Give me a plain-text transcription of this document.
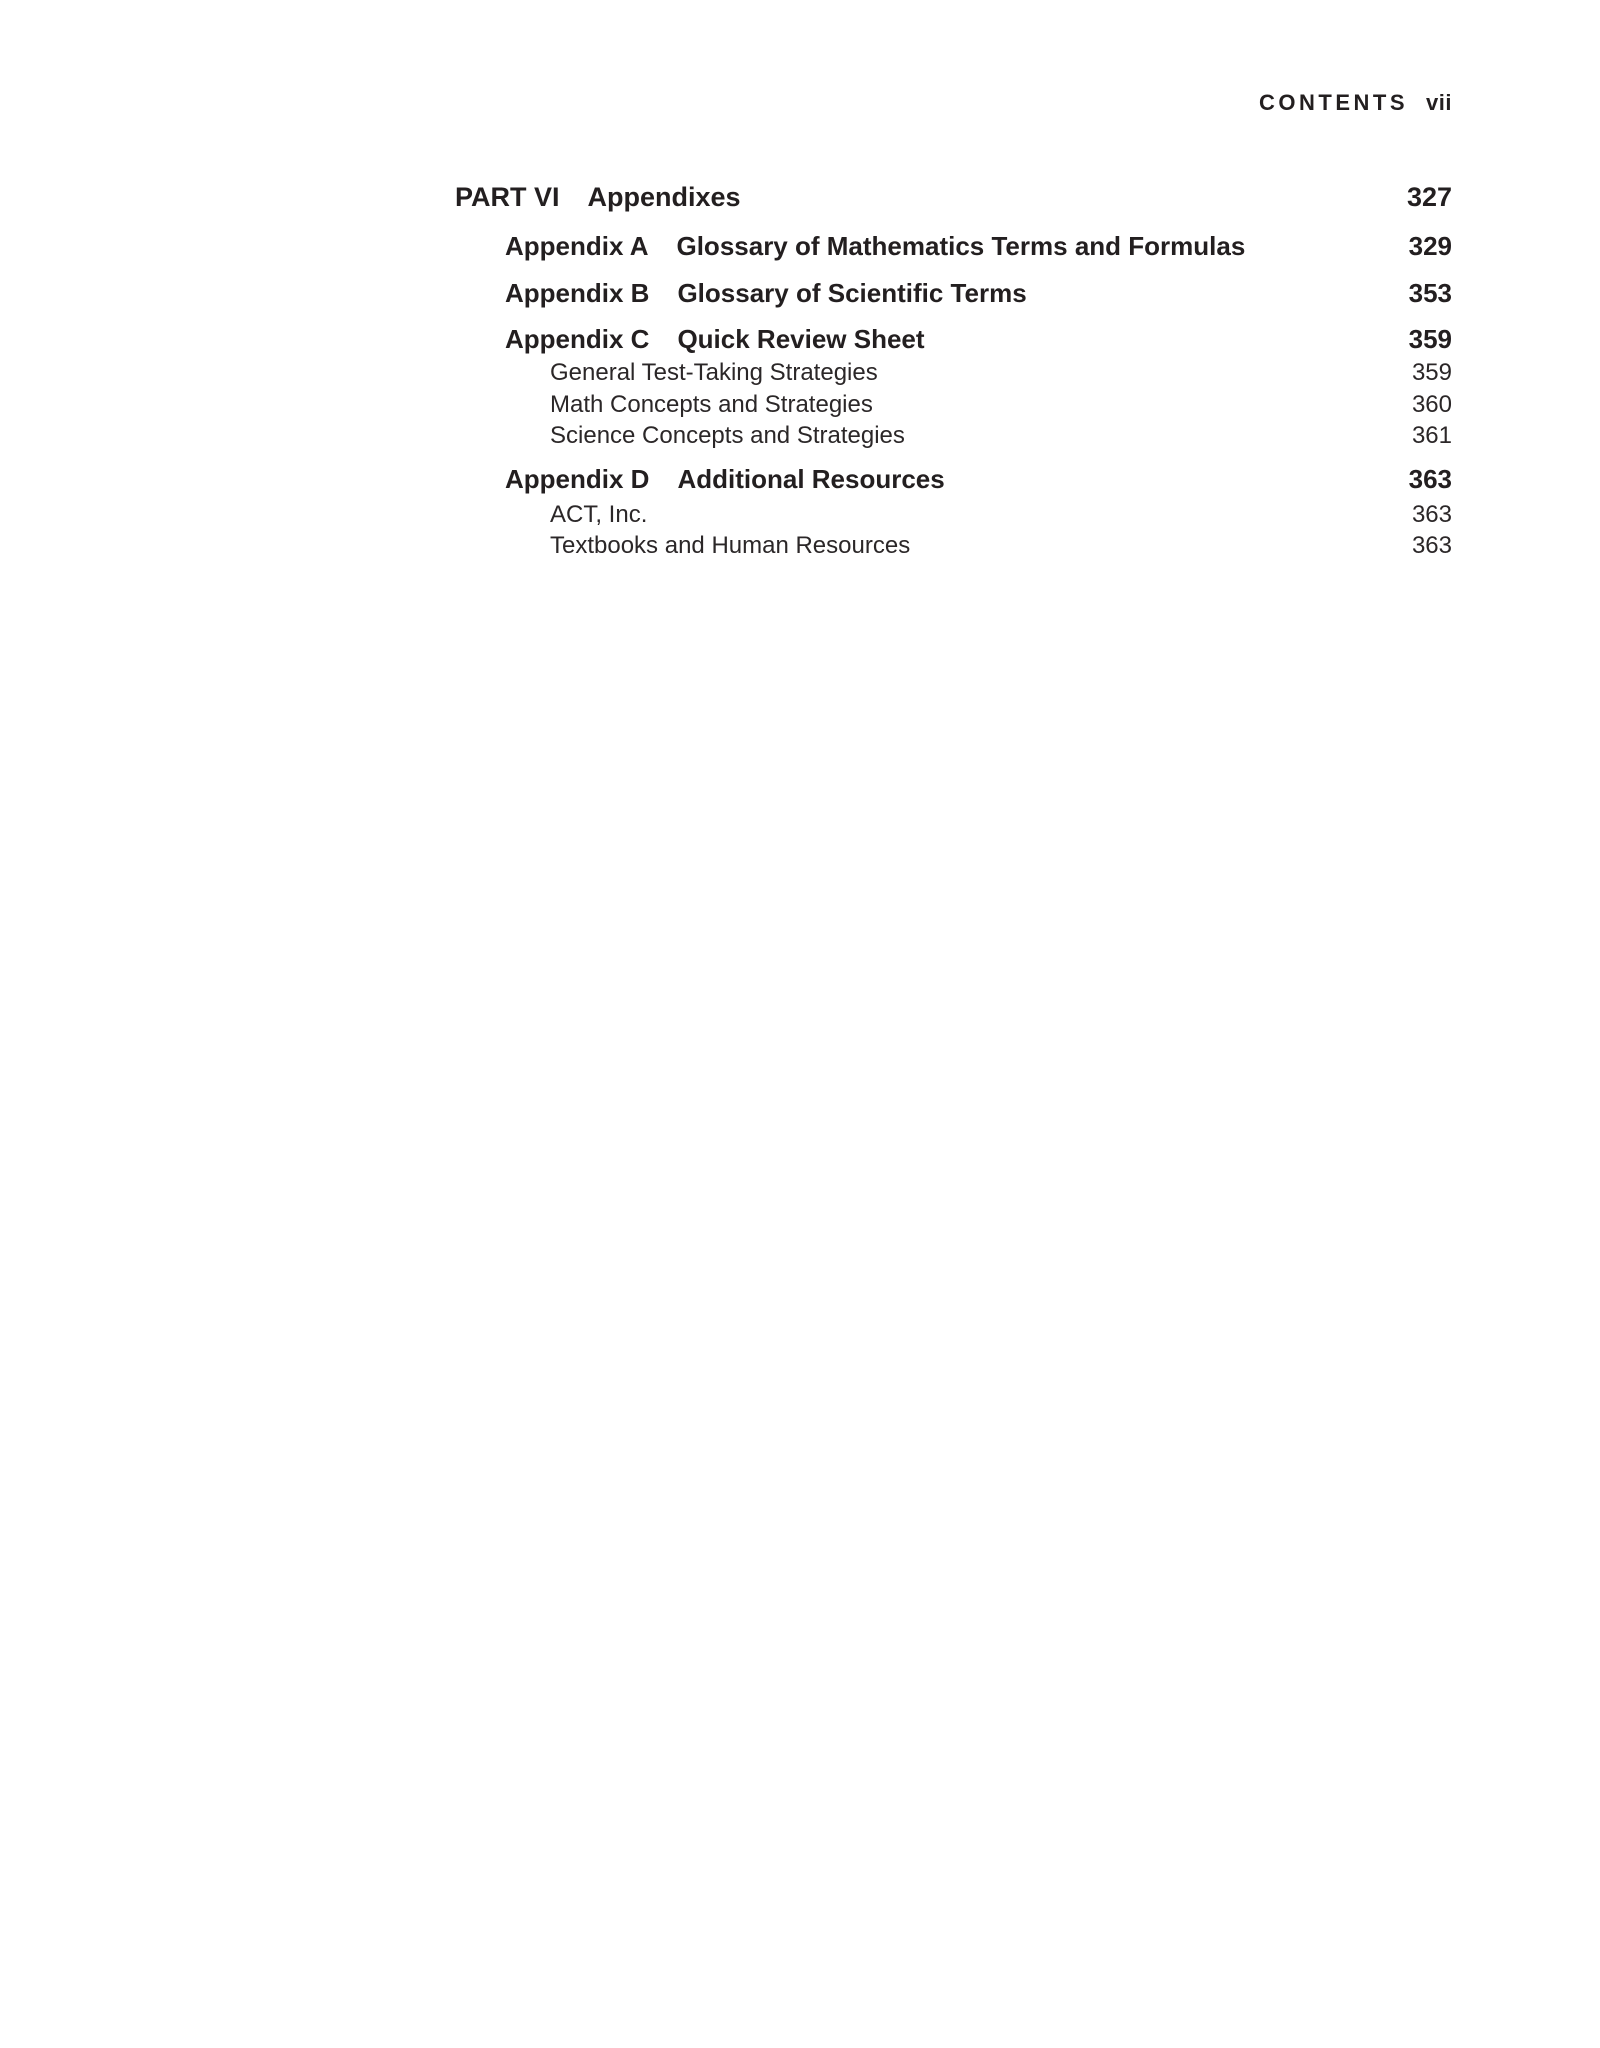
CONTENTS vii
PART VI Appendixes	327
Appendix A Glossary of Mathematics Terms and Formulas	329
Appendix B Glossary of Scientific Terms	353
Appendix C Quick Review Sheet	359
General Test-Taking Strategies	359
Math Concepts and Strategies	360
Science Concepts and Strategies	361
Appendix D Additional Resources	363
ACT, Inc.	363
Textbooks and Human Resources	363
